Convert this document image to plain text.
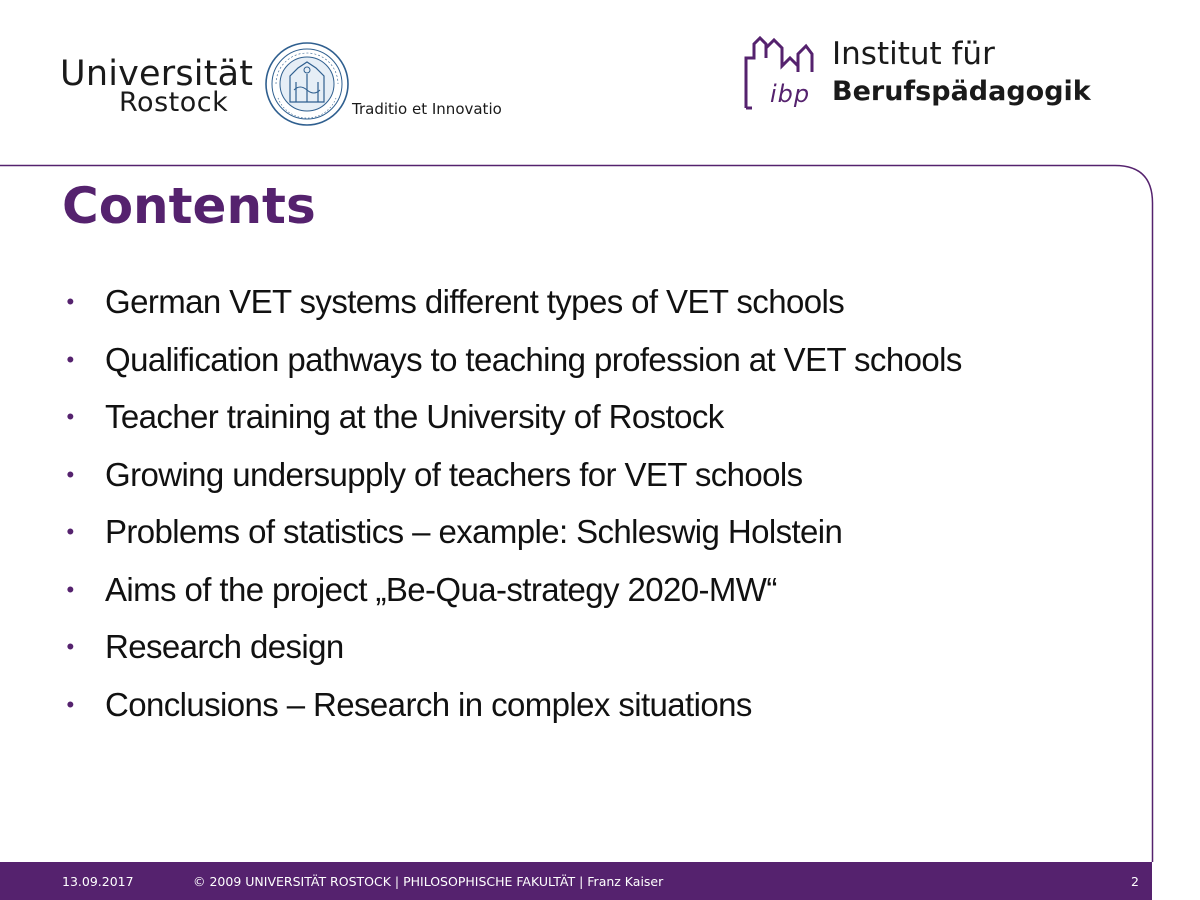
Universität
Rostock	Traditio et Innovatio
ibp
Institut für
Berufspädagogik
Contents
• German VET systems different types of VET schools
• Qualification pathways to teaching profession at VET schools
• Teacher training at the University of Rostock
• Growing undersupply of teachers for VET schools
• Problems of statistics – example: Schleswig Holstein
• Aims of the project „Be-Qua-strategy 2020-MW“
• Research design
• Conclusions – Research in complex situations
13.09.2017	© 2009 UNIVERSITÄT ROSTOCK | PHILOSOPHISCHE FAKULTÄT | Franz Kaiser	2
